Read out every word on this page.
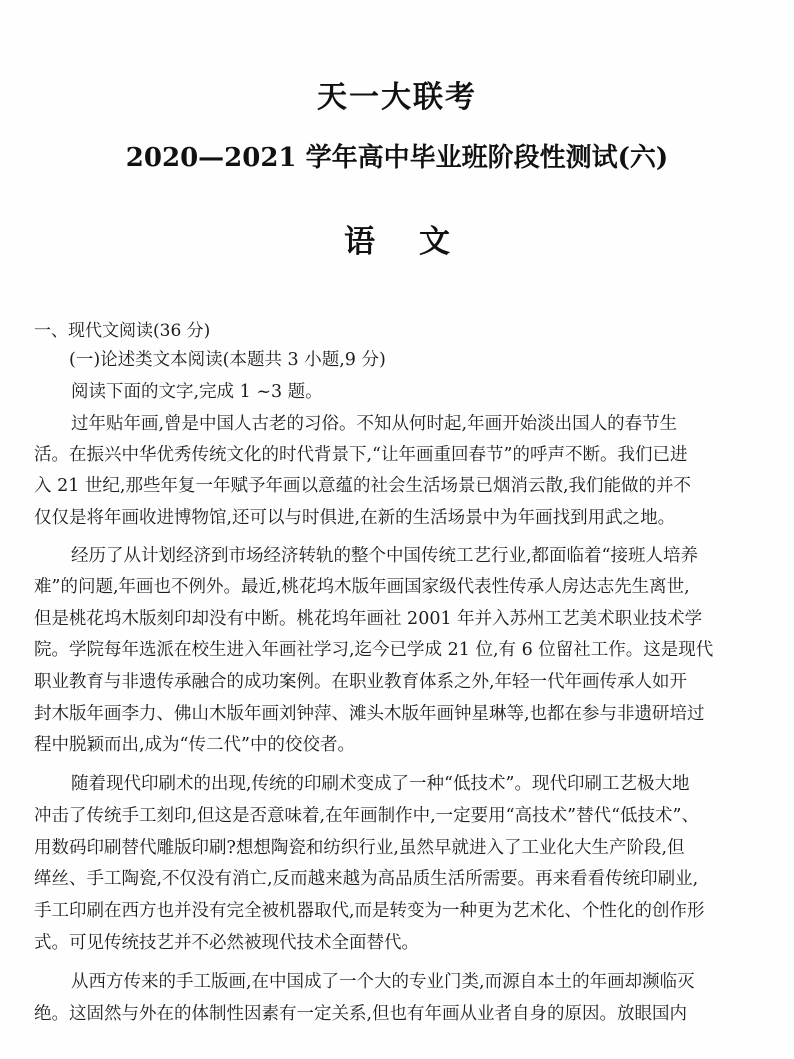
天一大联考
2020—2021 学年高中毕业班阶段性测试(六)
语文
一、现代文阅读(36 分)
(一)论述类文本阅读(本题共 3 小题,9 分)
阅读下面的文字,完成 1 ~3 题。
过年贴年画,曾是中国人古老的习俗。不知从何时起,年画开始淡出国人的春节生
活。在振兴中华优秀传统文化的时代背景下,“让年画重回春节”的呼声不断。我们已进
入 21 世纪,那些年复一年赋予年画以意蕴的社会生活场景已烟消云散,我们能做的并不
仅仅是将年画收进博物馆,还可以与时俱进,在新的生活场景中为年画找到用武之地。
经历了从计划经济到市场经济转轨的整个中国传统工艺行业,都面临着“接班人培养
难”的问题,年画也不例外。最近,桃花坞木版年画国家级代表性传承人房达志先生离世,
但是桃花坞木版刻印却没有中断。桃花坞年画社 2001 年并入苏州工艺美术职业技术学
院。学院每年选派在校生进入年画社学习,迄今已学成 21 位,有 6 位留社工作。这是现代
职业教育与非遗传承融合的成功案例。在职业教育体系之外,年轻一代年画传承人如开
封木版年画李力、佛山木版年画刘钟萍、滩头木版年画钟星琳等,也都在参与非遗研培过
程中脱颖而出,成为“传二代”中的佼佼者。
随着现代印刷术的出现,传统的印刷术变成了一种“低技术”。现代印刷工艺极大地
冲击了传统手工刻印,但这是否意味着,在年画制作中,一定要用“高技术”替代“低技术”、
用数码印刷替代雕版印刷?想想陶瓷和纺织行业,虽然早就进入了工业化大生产阶段,但
缂丝、手工陶瓷,不仅没有消亡,反而越来越为高品质生活所需要。再来看看传统印刷业,
手工印刷在西方也并没有完全被机器取代,而是转变为一种更为艺术化、个性化的创作形
式。可见传统技艺并不必然被现代技术全面替代。
从西方传来的手工版画,在中国成了一个大的专业门类,而源自本土的年画却濒临灭
绝。这固然与外在的体制性因素有一定关系,但也有年画从业者自身的原因。放眼国内
